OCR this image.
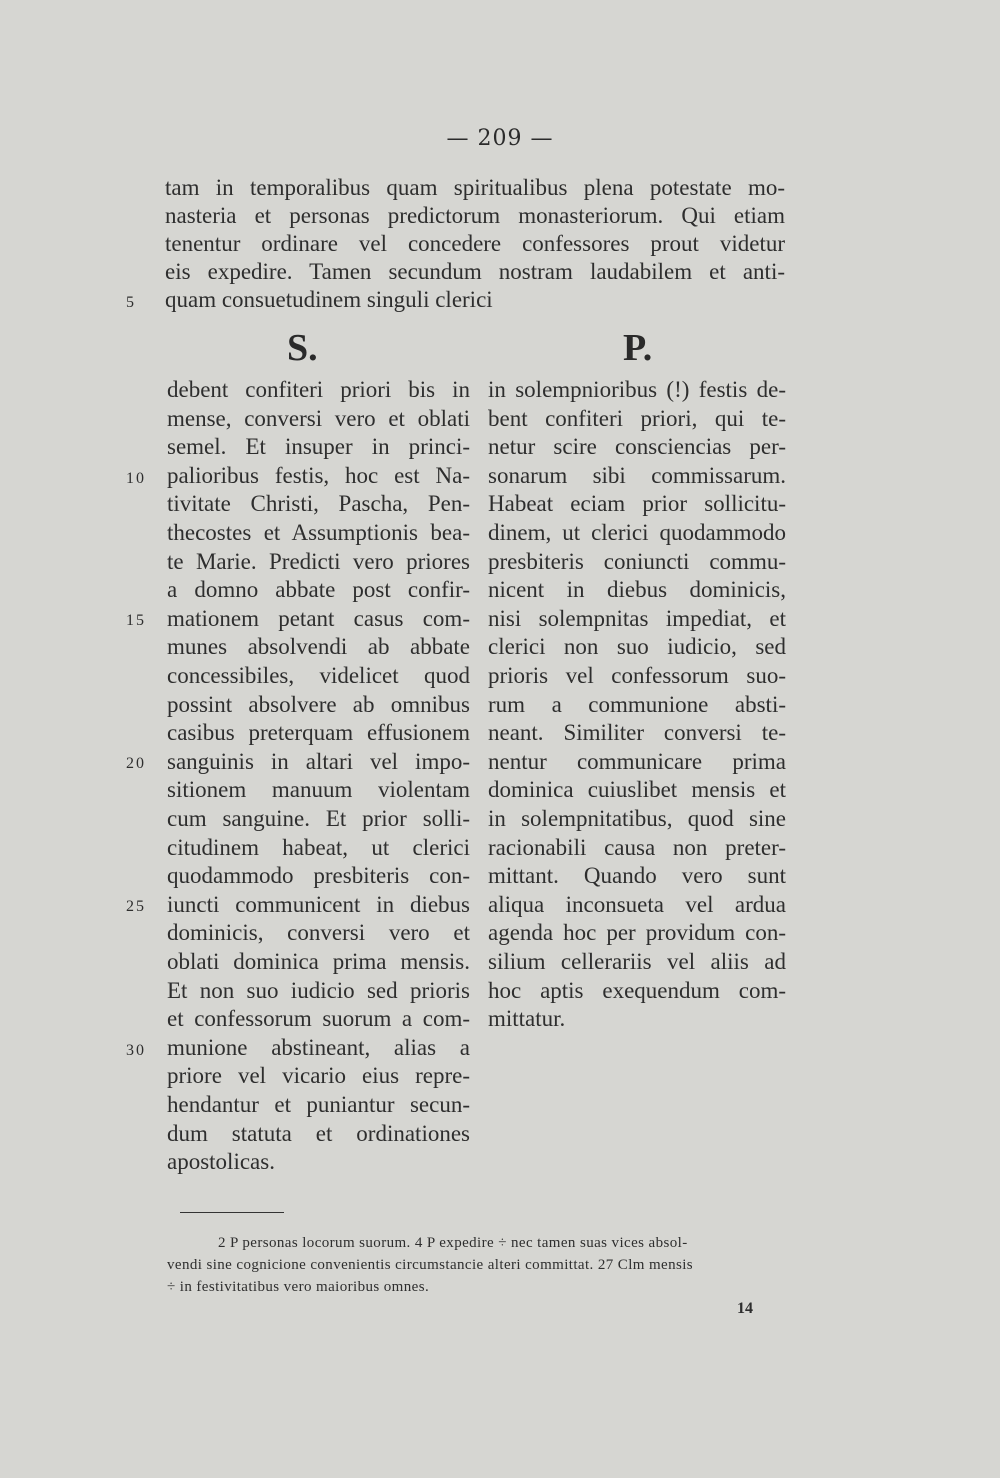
— 209 —
tam in temporalibus quam spiritualibus plena potestate mo-
nasteria et personas predictorum monasteriorum. Qui etiam
tenentur ordinare vel concedere confessores prout videtur
eis expedire. Tamen secundum nostram laudabilem et anti-
quam consuetudinem singuli clerici
5
10
15
20
25
30
S.	P.
debent confiteri priori bis in
mense, conversi vero et oblati
semel. Et insuper in princi-
palioribus festis, hoc est Na-
tivitate Christi, Pascha, Pen-
thecostes et Assumptionis bea-
te Marie. Predicti vero priores
a domno abbate post confir-
mationem petant casus com-
munes absolvendi ab abbate
concessibiles, videlicet quod
possint absolvere ab omnibus
casibus preterquam effusionem
sanguinis in altari vel impo-
sitionem manuum violentam
cum sanguine. Et prior solli-
citudinem habeat, ut clerici
quodammodo presbiteris con-
iuncti communicent in diebus
dominicis, conversi vero et
oblati dominica prima mensis.
Et non suo iudicio sed prioris
et confessorum suorum a com-
munione abstineant, alias a
priore vel vicario eius repre-
hendantur et puniantur secun-
dum statuta et ordinationes
apostolicas.
in solempnioribus (!) festis de-
bent confiteri priori, qui te-
netur scire consciencias per-
sonarum sibi commissarum.
Habeat eciam prior sollicitu-
dinem, ut clerici quodammodo
presbiteris coniuncti commu-
nicent in diebus dominicis,
nisi solempnitas impediat, et
clerici non suo iudicio, sed
prioris vel confessorum suo-
rum a communione absti-
neant. Similiter conversi te-
nentur communicare prima
dominica cuiuslibet mensis et
in solempnitatibus, quod sine
racionabili causa non preter-
mittant. Quando vero sunt
aliqua inconsueta vel ardua
agenda hoc per providum con-
silium cellerariis vel aliis ad
hoc aptis exequendum com-
mittatur.
2 P personas locorum suorum. 4 P expedire ÷ nec tamen suas vices absol-
vendi sine cognicione convenientis circumstancie alteri committat. 27 Clm mensis
÷ in festivitatibus vero maioribus omnes.
14
